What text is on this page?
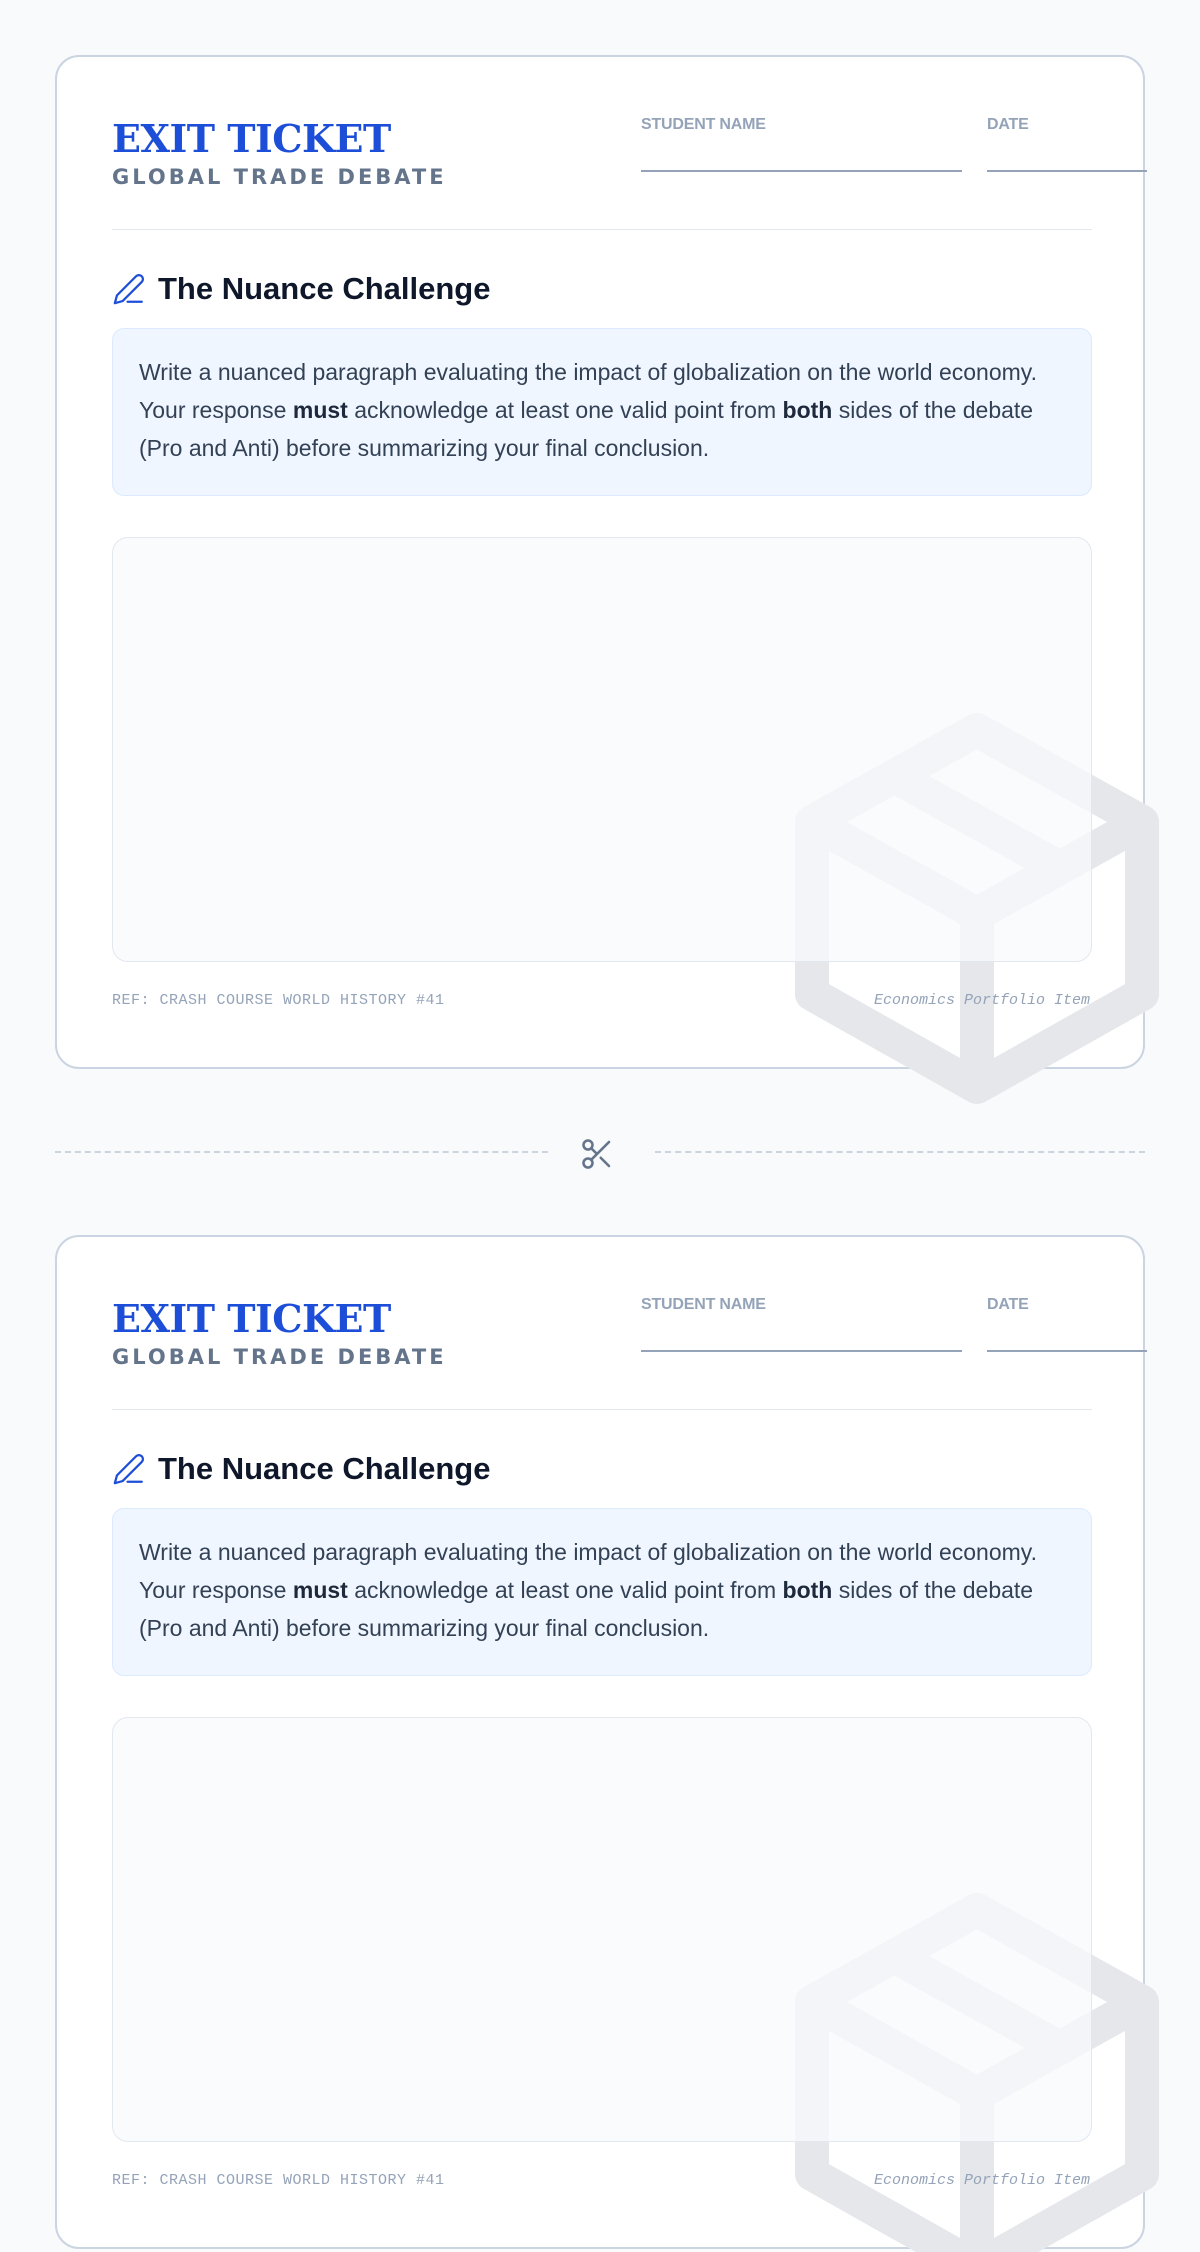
EXIT TICKET
GLOBAL TRADE DEBATE
STUDENT NAME	DATE
The Nuance Challenge
Write a nuanced paragraph evaluating the impact of globalization on the world economy. Your response must acknowledge at least one valid point from both sides of the debate (Pro and Anti) before summarizing your final conclusion.
REF: CRASH COURSE WORLD HISTORY #41	Economics Portfolio Item
EXIT TICKET
GLOBAL TRADE DEBATE
STUDENT NAME	DATE
The Nuance Challenge
Write a nuanced paragraph evaluating the impact of globalization on the world economy. Your response must acknowledge at least one valid point from both sides of the debate (Pro and Anti) before summarizing your final conclusion.
REF: CRASH COURSE WORLD HISTORY #41	Economics Portfolio Item
